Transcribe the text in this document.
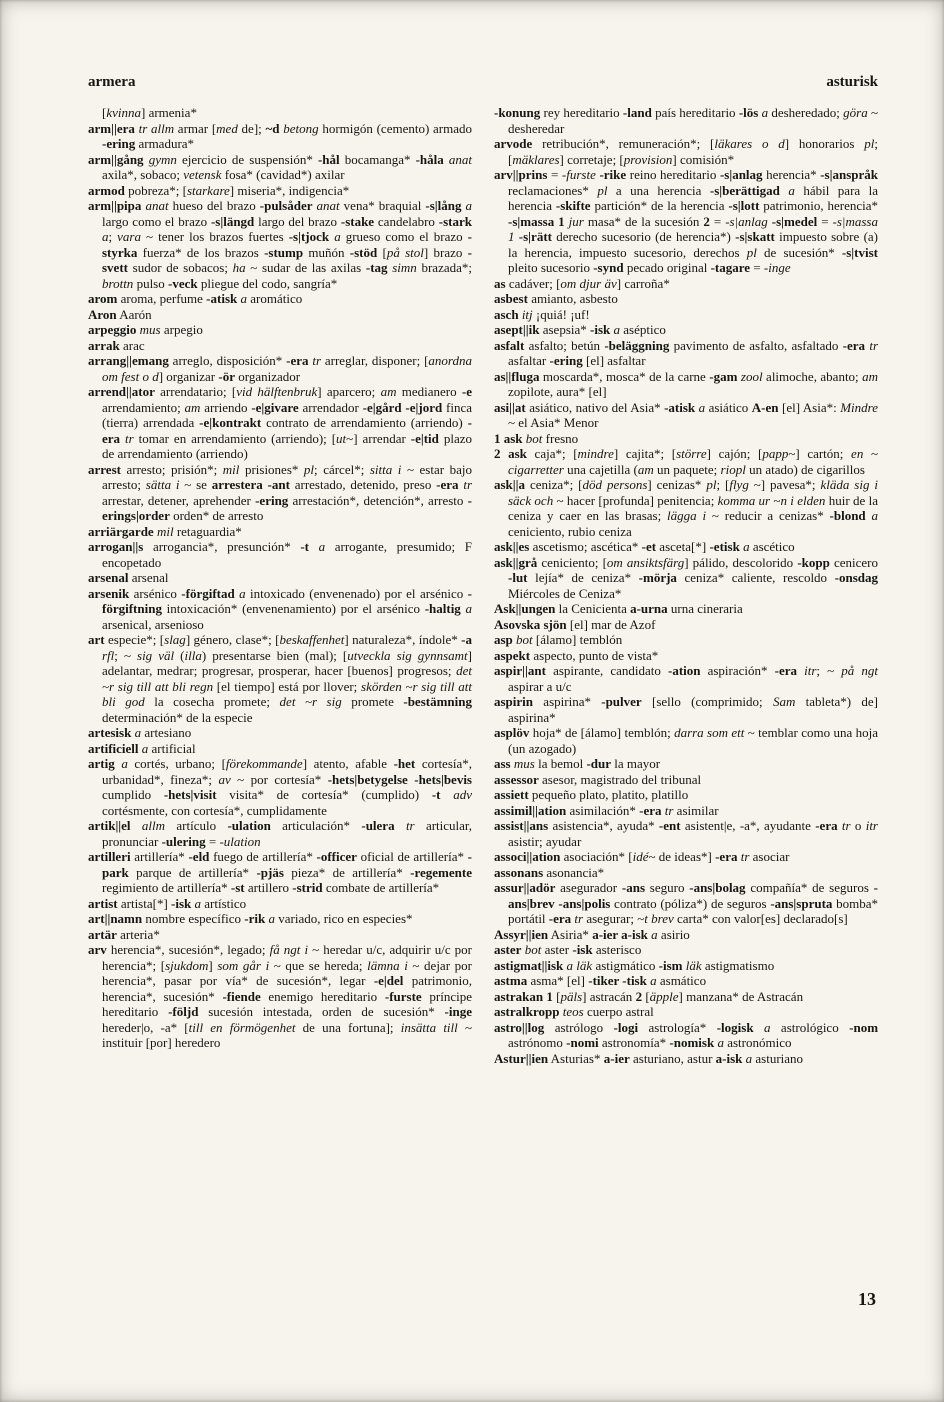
armera	asturisk

[kvinna] armenia*

arm||era tr allm armar [med de]; ~d betong hormigón (cemento) armado -ering armadura*

arm||gång gymn ejercicio de suspensión* -hål bocamanga* -håla anat axila*, sobaco; vetensk fosa* (cavidad*) axilar

armod pobreza*; [starkare] miseria*, indigencia*

arm||pipa anat hueso del brazo -pulsåder anat vena* braquial -s|lång a largo como el brazo -s|längd largo del brazo -stake candelabro -stark a; vara ~ tener los brazos fuertes -s|tjock a grueso como el brazo -styrka fuerza* de los brazos -stump muñón -stöd [på stol] brazo -svett sudor de sobacos; ha ~ sudar de las axilas -tag simn brazada*; brottn pulso -veck pliegue del codo, sangría*

arom aroma, perfume -atisk a aromático

Aron Aarón

arpeggio mus arpegio

arrak arac

arrang||emang arreglo, disposición* -era tr arreglar, disponer; [anordna om fest o d] organizar -ör organizador

arrend||ator arrendatario; [vid hälftenbruk] aparcero; am medianero -e arrendamiento; am arriendo -e|givare arrendador -e|gård -e|jord finca (tierra) arrendada -e|kontrakt contrato de arrendamiento (arriendo) -era tr tomar en arrendamiento (arriendo); [ut~] arrendar -e|tid plazo de arrendamiento (arriendo)

arrest arresto; prisión*; mil prisiones* pl; cárcel*; sitta i ~ estar bajo arresto; sätta i ~ se arrestera -ant arrestado, detenido, preso -era tr arrestar, detener, aprehender -ering arrestación*, detención*, arresto -erings|order orden* de arresto

arriärgarde mil retaguardia*

arrogan||s arrogancia*, presunción* -t a arrogante, presumido; F encopetado

arsenal arsenal

arsenik arsénico -förgiftad a intoxicado (envenenado) por el arsénico -förgiftning intoxicación* (envenenamiento) por el arsénico -haltig a arsenical, arsenioso

art especie*; [slag] género, clase*; [beskaffenhet] naturaleza*, índole* -a rfl; ~ sig väl (illa) presentarse bien (mal); [utveckla sig gynnsamt] adelantar, medrar; progresar, prosperar, hacer [buenos] progresos; det ~r sig till att bli regn [el tiempo] está por llover; skörden ~r sig till att bli god la cosecha promete; det ~r sig promete -bestämning determinación* de la especie

artesisk a artesiano

artificiell a artificial

artig a cortés, urbano; [förekommande] atento, afable -het cortesía*, urbanidad*, fineza*; av ~ por cortesía* -hets|betygelse -hets|bevis cumplido -hets|visit visita* de cortesía* (cumplido) -t adv cortésmente, con cortesía*, cumplidamente

artik||el allm artículo -ulation articulación* -ulera tr articular, pronunciar -ulering = -ulation

artilleri artillería* -eld fuego de artillería* -officer oficial de artillería* -park parque de artillería* -pjäs pieza* de artillería* -regemente regimiento de artillería* -st artillero -strid combate de artillería*

artist artista[*] -isk a artístico

art||namn nombre específico -rik a variado, rico en especies*

artär arteria*

arv herencia*, sucesión*, legado; få ngt i ~ heredar u/c, adquirir u/c por herencia*; [sjukdom] som går i ~ que se hereda; lämna i ~ dejar por herencia*, pasar por vía* de sucesión*, legar -e|del patrimonio, herencia*, sucesión* -fiende enemigo hereditario -furste príncipe hereditario -följd sucesión intestada, orden de sucesión* -inge hereder|o, -a* [till en förmögenhet de una fortuna]; insätta till ~ instituir [por] heredero

-konung rey hereditario -land país hereditario -lös a desheredado; göra ~ desheredar

arvode retribución*, remuneración*; [läkares o d] honorarios pl; [mäklares] corretaje; [provision] comisión*

arv||prins = -furste -rike reino hereditario -s|anlag herencia* -s|anspråk reclamaciones* pl a una herencia -s|berättigad a hábil para la herencia -skifte partición* de la herencia -s|lott patrimonio, herencia* -s|massa 1 jur masa* de la sucesión 2 = -s|anlag -s|medel = -s|massa 1 -s|rätt derecho sucesorio (de herencia*) -s|skatt impuesto sobre (a) la herencia, impuesto sucesorio, derechos pl de sucesión* -s|tvist pleito sucesorio -synd pecado original -tagare = -inge

as cadáver; [om djur äv] carroña*

asbest amianto, asbesto

asch itj ¡quiá! ¡uf!

asept||ik asepsia* -isk a aséptico

asfalt asfalto; betún -beläggning pavimento de asfalto, asfaltado -era tr asfaltar -ering [el] asfaltar

as||fluga moscarda*, mosca* de la carne -gam zool alimoche, abanto; am zopilote, aura* [el]

asi||at asiático, nativo del Asia* -atisk a asiático A-en [el] Asia*: Mindre ~ el Asia* Menor

1 ask bot fresno

2 ask caja*; [mindre] cajita*; [större] cajón; [papp~] cartón; en ~ cigarretter una cajetilla (am un paquete; riopl un atado) de cigarillos

ask||a ceniza*; [död persons] cenizas* pl; [flyg ~] pavesa*; kläda sig i säck och ~ hacer [profunda] penitencia; komma ur ~n i elden huir de la ceniza y caer en las brasas; lägga i ~ reducir a cenizas* -blond a ceniciento, rubio ceniza

ask||es ascetismo; ascética* -et asceta[*] -etisk a ascético

ask||grå ceniciento; [om ansiktsfärg] pálido, descolorido -kopp cenicero -lut lejía* de ceniza* -mörja ceniza* caliente, rescoldo -onsdag Miércoles de Ceniza*

Ask||ungen la Cenicienta a-urna urna cineraria

Asovska sjön [el] mar de Azof

asp bot [álamo] temblón

aspekt aspecto, punto de vista*

aspir||ant aspirante, candidato -ation aspiración* -era itr; ~ på ngt aspirar a u/c

aspirin aspirina* -pulver [sello (comprimido; Sam tableta*) de] aspirina*

asplöv hoja* de [álamo] temblón; darra som ett ~ temblar como una hoja (un azogado)

ass mus la bemol -dur la mayor

assessor asesor, magistrado del tribunal

assiett pequeño plato, platito, platillo

assimil||ation asimilación* -era tr asimilar

assist||ans asistencia*, ayuda* -ent asistent|e, -a*, ayudante -era tr o itr asistir; ayudar

associ||ation asociación* [idé~ de ideas*] -era tr asociar

assonans asonancia*

assur||adör asegurador -ans seguro -ans|bolag compañía* de seguros -ans|brev -ans|polis contrato (póliza*) de seguros -ans|spruta bomba* portátil -era tr asegurar; ~t brev carta* con valor[es] declarado[s]

Assyr||ien Asiria* a-ier a-isk a asirio

aster bot aster -isk asterisco

astigmat||isk a läk astigmático -ism läk astigmatismo

astma asma* [el] -tiker -tisk a asmático

astrakan 1 [päls] astracán 2 [äpple] manzana* de Astracán

astralkropp teos cuerpo astral

astro||log astrólogo -logi astrología* -logisk a astrológico -nom astrónomo -nomi astronomía* -nomisk a astronómico

Astur||ien Asturias* a-ier asturiano, astur a-isk a asturiano

13
